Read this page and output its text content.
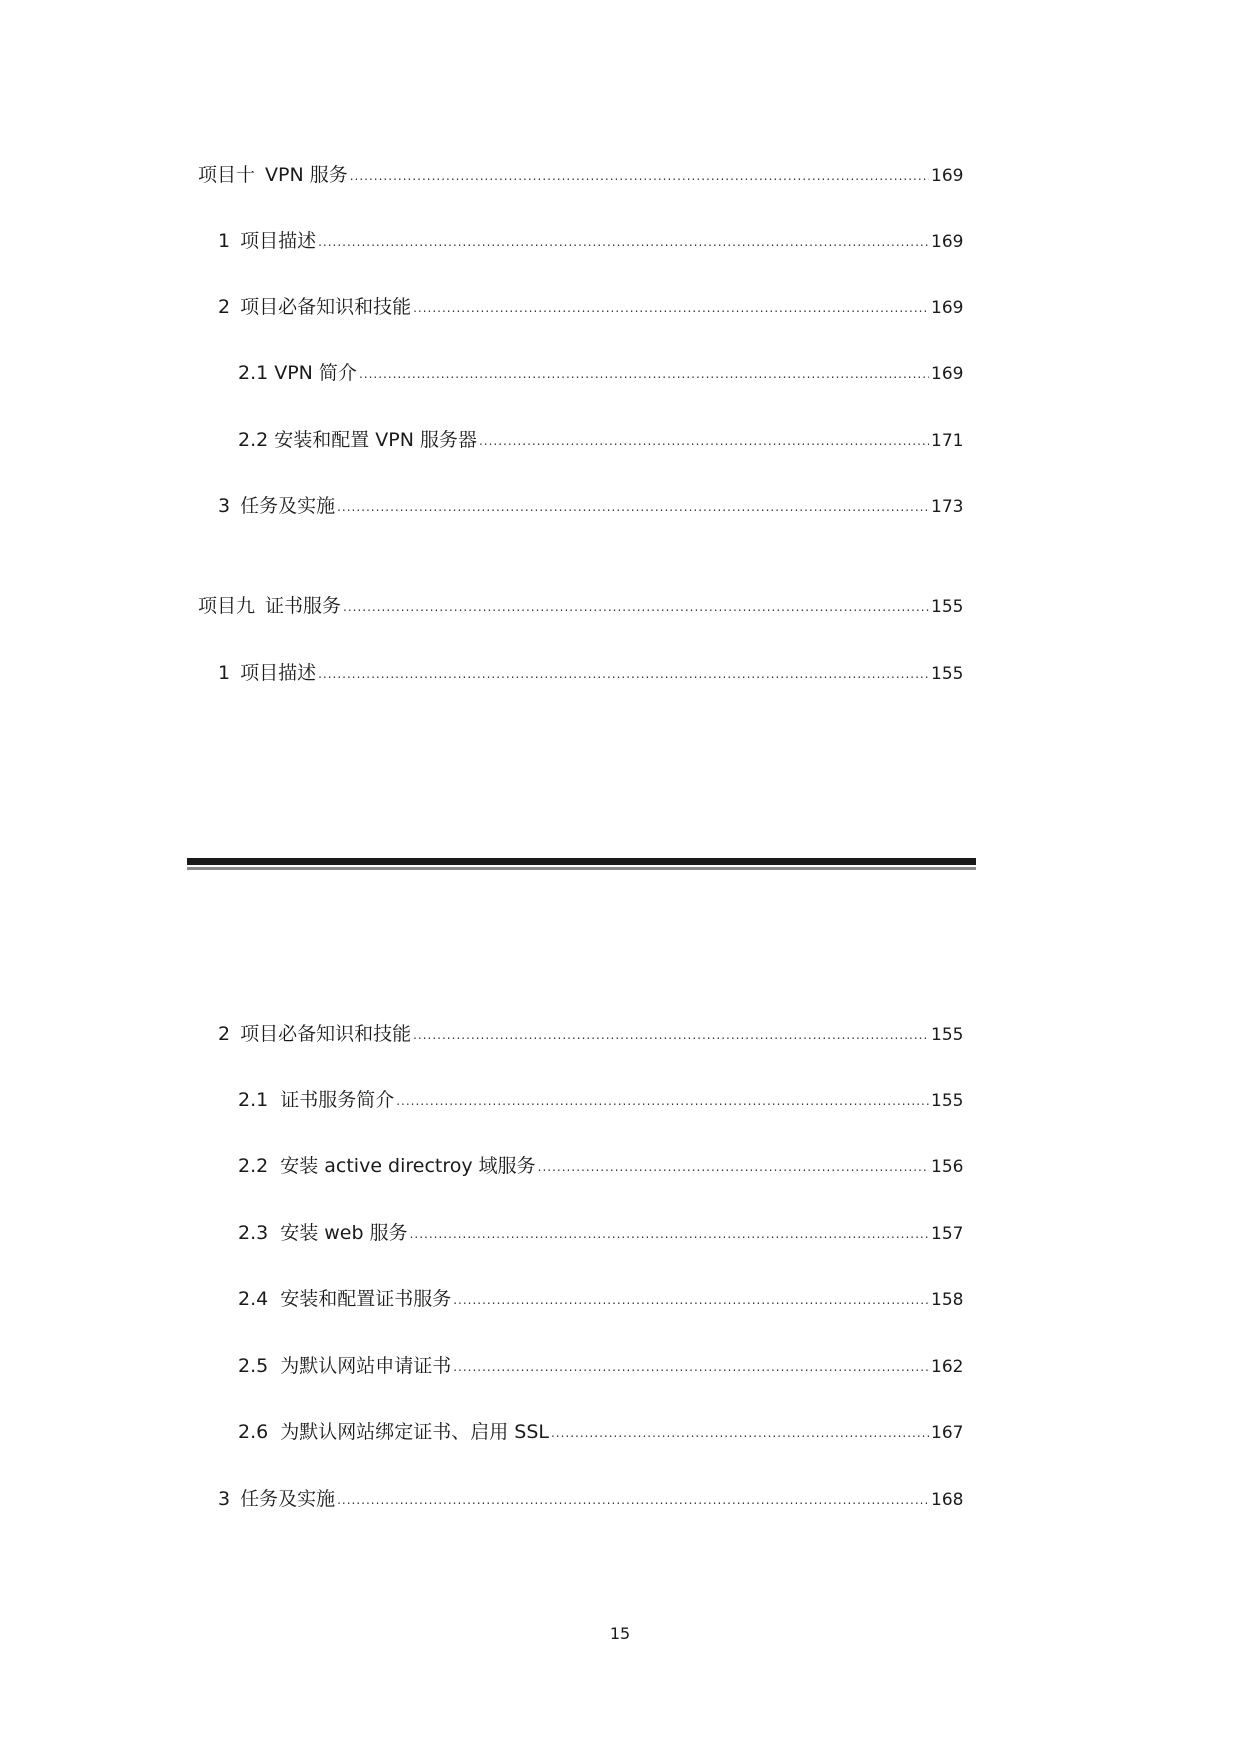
项目十 VPN 服务 .....	169
1 项目描述 .....	169
2 项目必备知识和技能 .....	169
2.1 VPN 简介 .....	169
2.2 安装和配置 VPN 服务器 .....	171
3 任务及实施 .....	173
项目九 证书服务 .....	155
1 项目描述 .....	155
2 项目必备知识和技能 .....	155
2.1 证书服务简介 .....	155
2.2 安装 active directroy 域服务 .....	156
2.3 安装 web 服务 .....	157
2.4 安装和配置证书服务 .....	158
2.5 为默认网站申请证书 .....	162
2.6 为默认网站绑定证书、启用 SSL .....	167
3 任务及实施 .....	168
15
